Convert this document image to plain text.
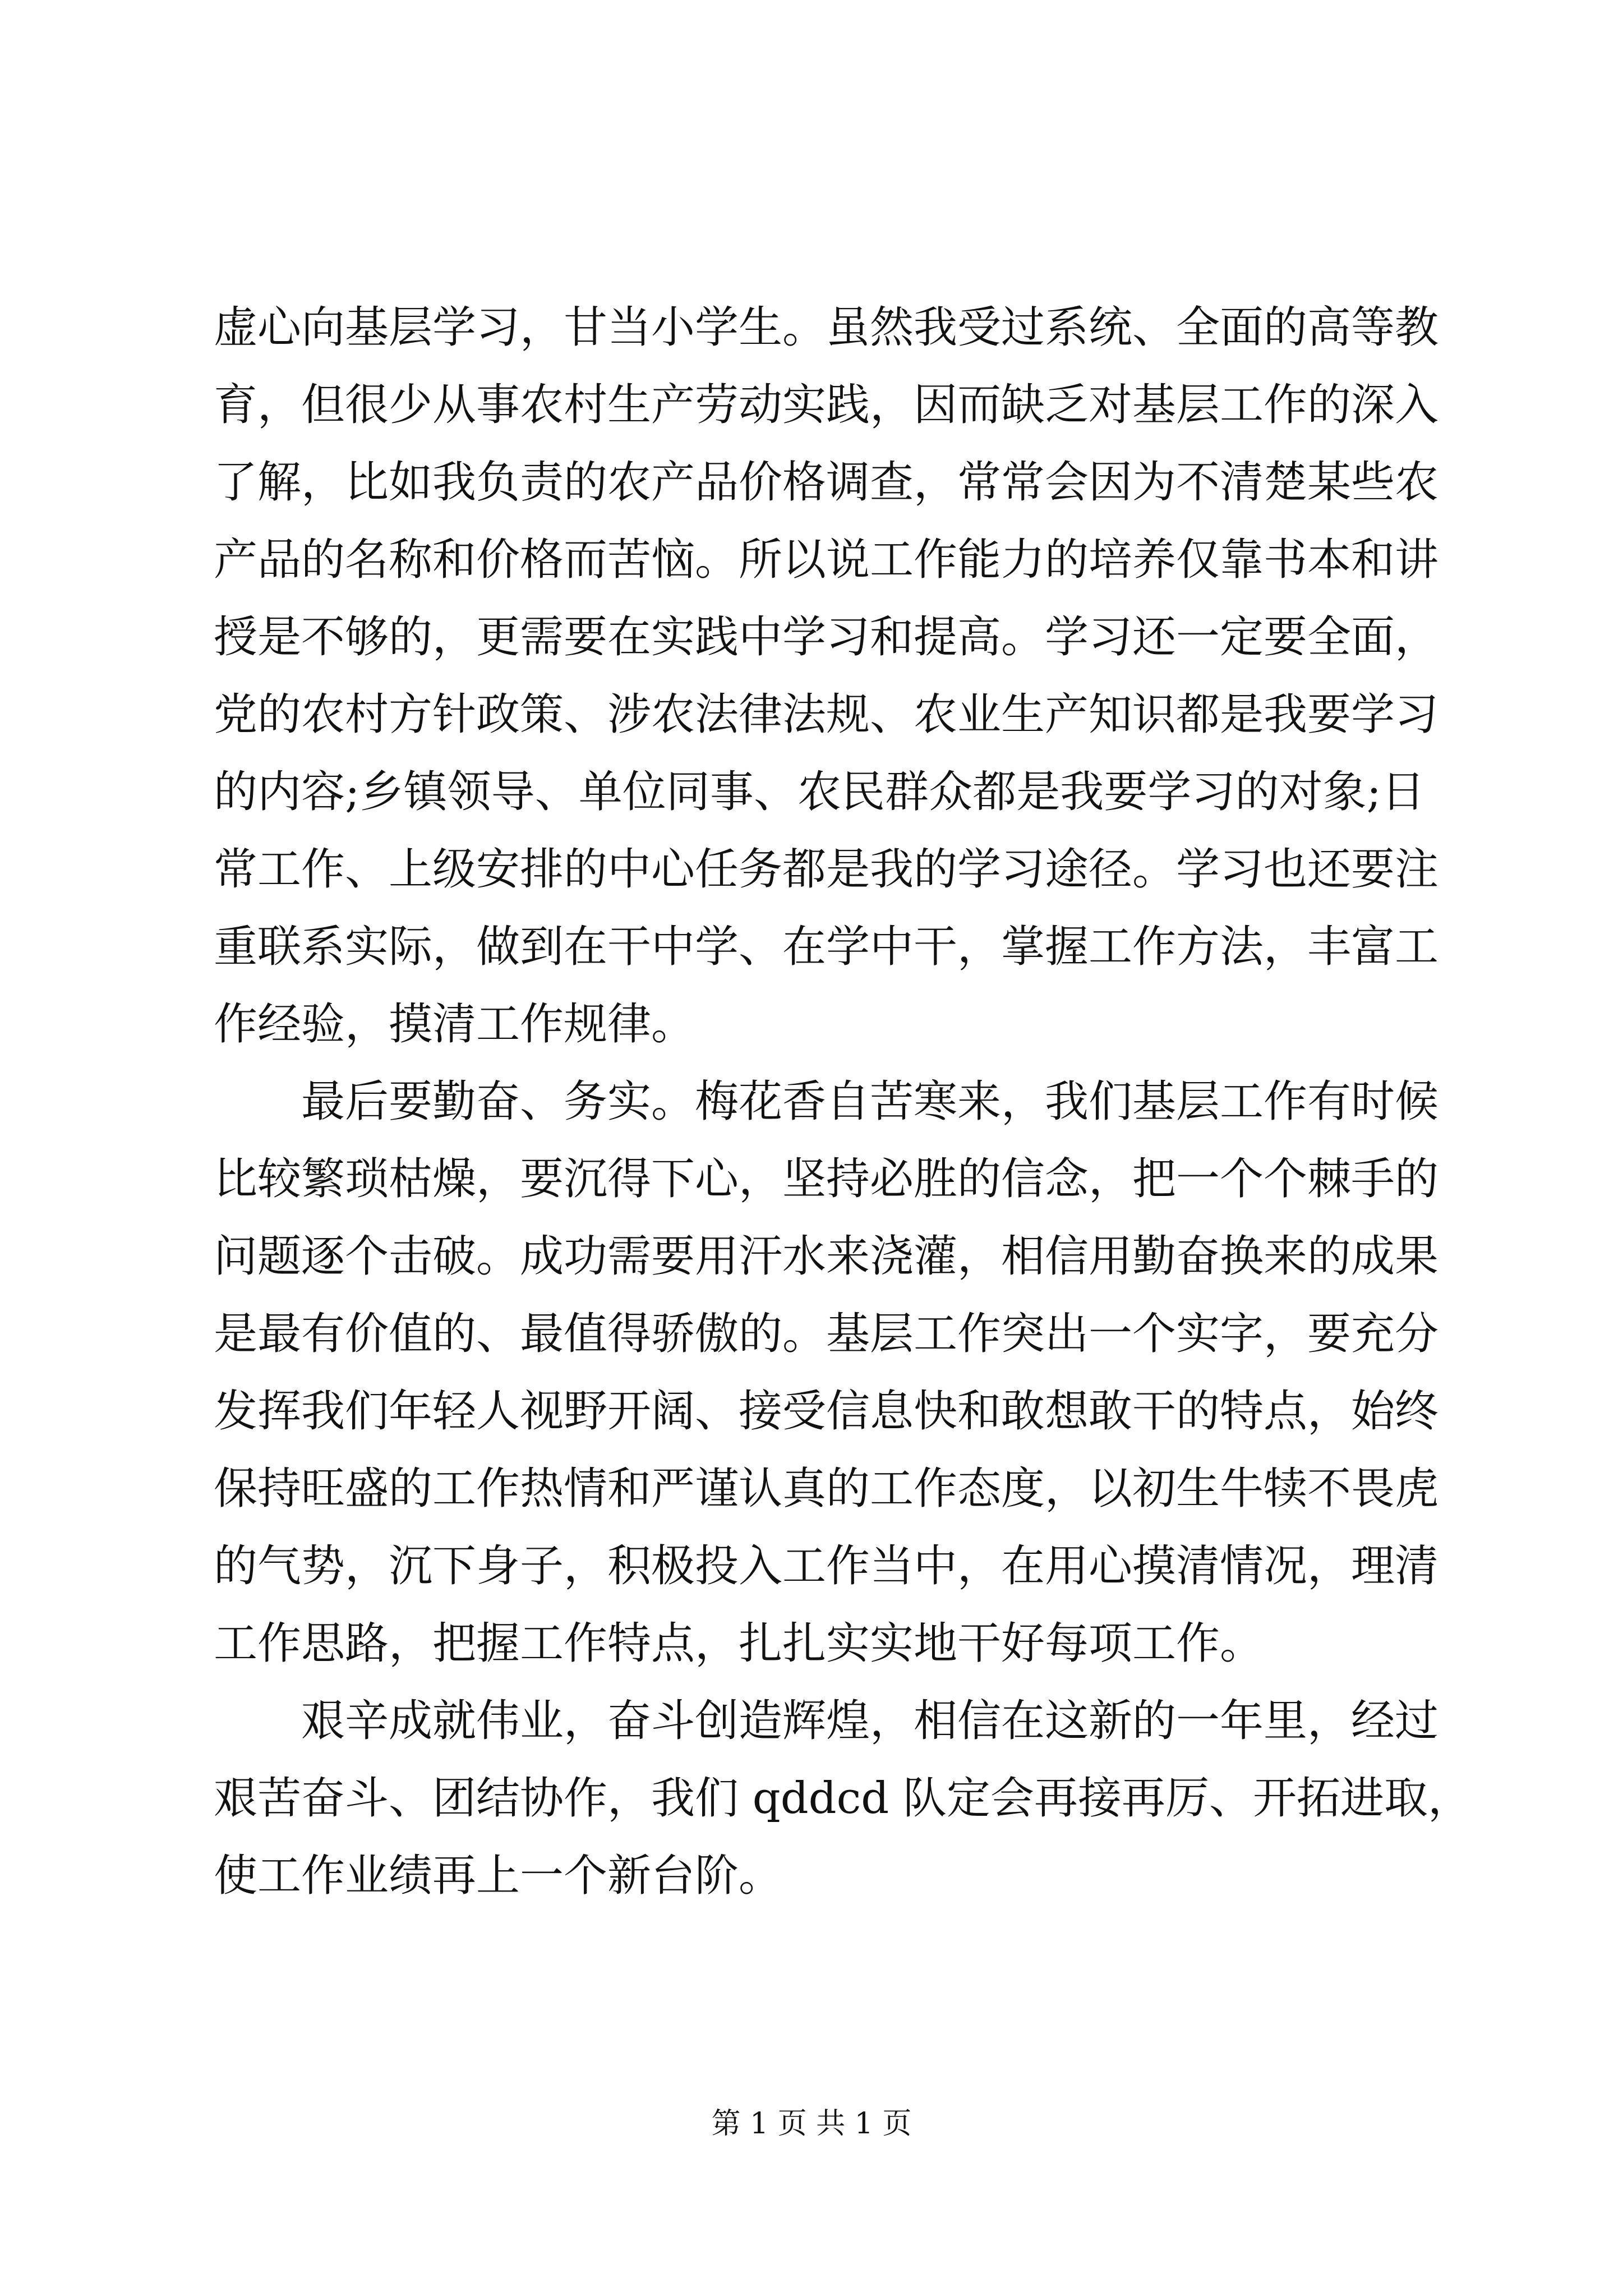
虚心向基层学习，甘当小学生。虽然我受过系统、全面的高等教
育，但很少从事农村生产劳动实践，因而缺乏对基层工作的深入
了解，比如我负责的农产品价格调查，常常会因为不清楚某些农
产品的名称和价格而苦恼。所以说工作能力的培养仅靠书本和讲
授是不够的，更需要在实践中学习和提高。学习还一定要全面，
党的农村方针政策、涉农法律法规、农业生产知识都是我要学习
的内容;乡镇领导、单位同事、农民群众都是我要学习的对象;日
常工作、上级安排的中心任务都是我的学习途径。学习也还要注
重联系实际，做到在干中学、在学中干，掌握工作方法，丰富工
作经验，摸清工作规律。

最后要勤奋、务实。梅花香自苦寒来，我们基层工作有时候
比较繁琐枯燥，要沉得下心，坚持必胜的信念，把一个个棘手的
问题逐个击破。成功需要用汗水来浇灌，相信用勤奋换来的成果
是最有价值的、最值得骄傲的。基层工作突出一个实字，要充分
发挥我们年轻人视野开阔、接受信息快和敢想敢干的特点，始终
保持旺盛的工作热情和严谨认真的工作态度，以初生牛犊不畏虎
的气势，沉下身子，积极投入工作当中，在用心摸清情况，理清
工作思路，把握工作特点，扎扎实实地干好每项工作。

艰辛成就伟业，奋斗创造辉煌，相信在这新的一年里，经过
艰苦奋斗、团结协作，我们 qddcd 队定会再接再厉、开拓进取，
使工作业绩再上一个新台阶。

第 1 页 共 1 页
